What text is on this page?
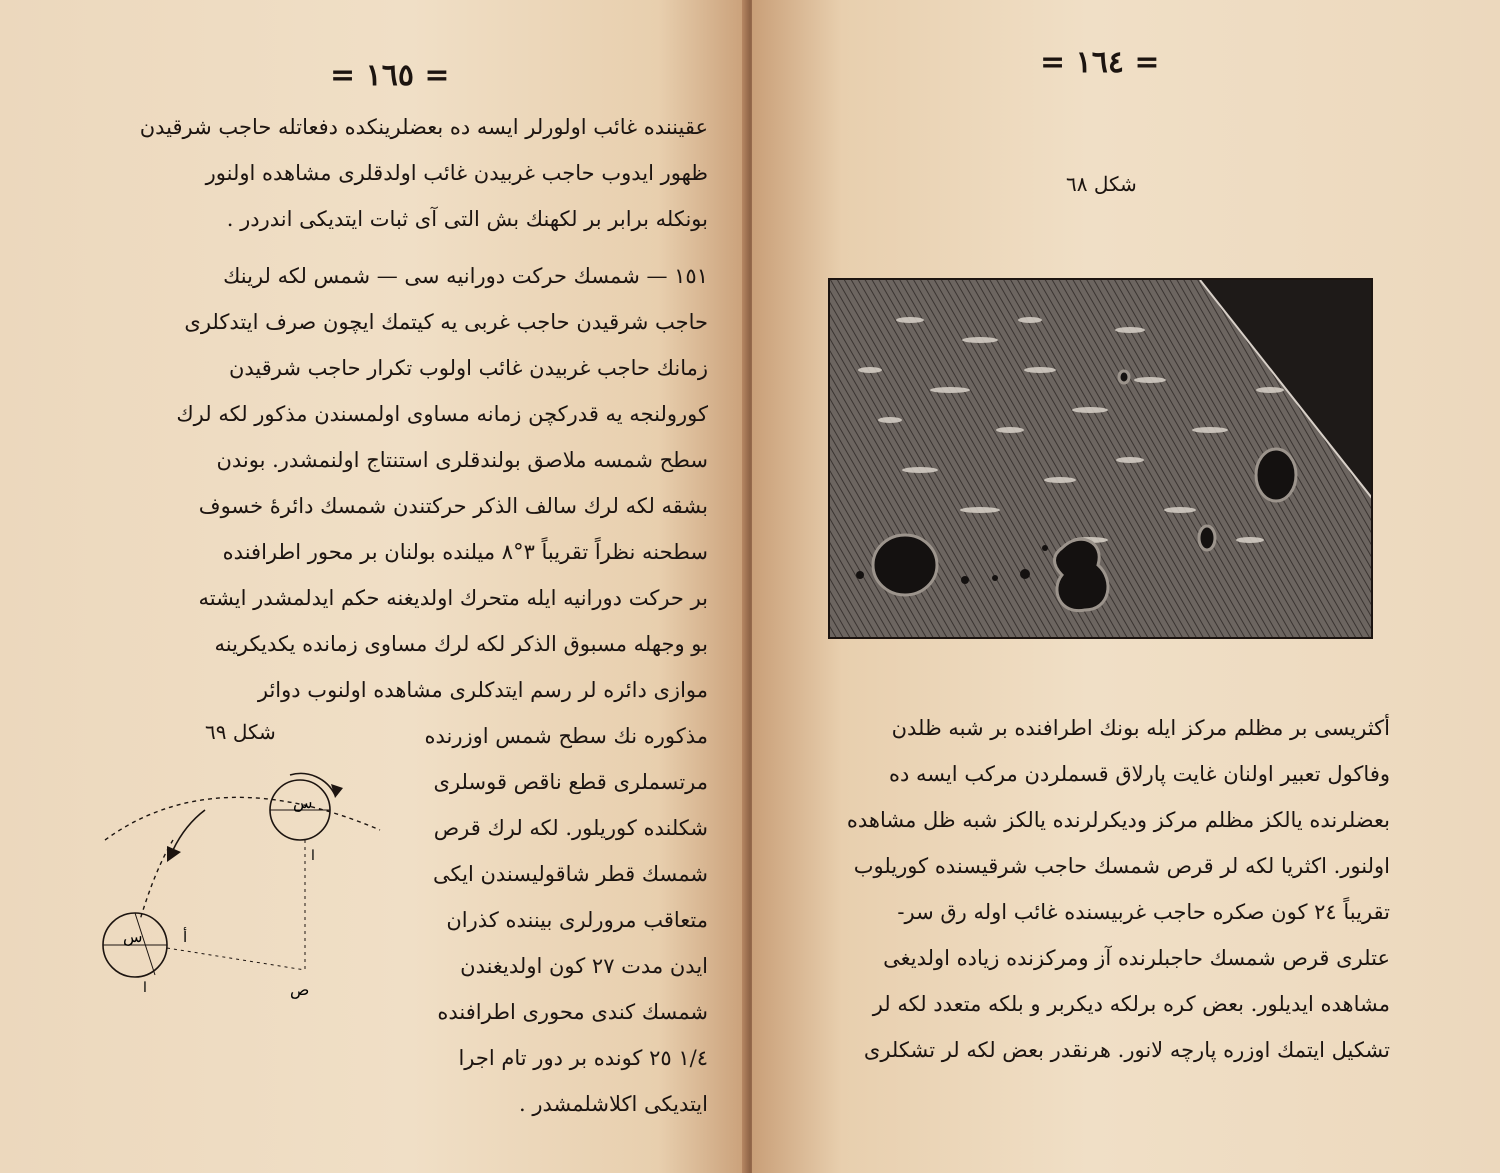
= ١٦٥ =
عقيننده غائب اولورلر ايسه ده بعضلرينكده دفعاتله حاجب شرقيدن
ظهور ايدوب حاجب غربيدن غائب اولدقلرى مشاهده اولنور
بونكله برابر بر لكهنك بش التى آى ثبات ايتديكى اندردر .
١٥١ — شمسك حركت دورانيه سى — شمس لكه لرينك
حاجب شرقيدن حاجب غربى يه كيتمك ايچون صرف ايتدكلرى
زمانك حاجب غربيدن غائب اولوب تكرار حاجب شرقيدن
كورولنجه يه قدركچن زمانه مساوى اولمسندن مذكور لكه لرك
سطح شمسه ملاصق بولندقلرى استنتاج اولنمشدر. بوندن
بشقه لكه لرك سالف الذكر حركتندن شمسك دائرهٔ خسوف
سطحنه نظراً تقريباً ٣°٨ ميلنده بولنان بر محور اطرافنده
بر حركت دورانيه ايله متحرك اولديغنه حكم ايدلمشدر ايشته
بو وجهله مسبوق الذكر لكه لرك مساوى زمانده يكديكرينه
موازى دائره لر رسم ايتدكلرى مشاهده اولنوب دوائر
مذكوره نك سطح شمس اوزرنده
مرتسملرى قطع ناقص قوسلرى
شكلنده كوريلور. لكه لرك قرص
شمسك قطر شاقوليسندن ايكى
متعاقب مرورلرى بيننده كذران
ايدن مدت ٢٧ كون اولديغندن
شمسك كندى محورى اطرافنده
١/٤ ٢٥ كونده بر دور تام اجرا
ايتديكى اكلاشلمشدر .
شكل ٦٩
س
ا
س
ا
أ
ص
= ١٦٤ =
شكل ٦٨
أكثريسى بر مظلم مركز ايله بونك اطرافنده بر شبه ظلدن
وفاكول تعبير اولنان غايت پارلاق قسملردن مركب ايسه ده
بعضلرنده يالكز مظلم مركز وديكرلرنده يالكز شبه ظل مشاهده
اولنور. اكثريا لكه لر قرص شمسك حاجب شرقيسنده كوريلوب
تقريباً ٢٤ كون صكره حاجب غربيسنده غائب اوله رق سر-
عتلرى قرص شمسك حاجبلرنده آز ومركزنده زياده اولديغى
مشاهده ايديلور. بعض كره برلكه ديكربر و بلكه متعدد لكه لر
تشكيل ايتمك اوزره پارچه لانور. هرنقدر بعض لكه لر تشكلرى
